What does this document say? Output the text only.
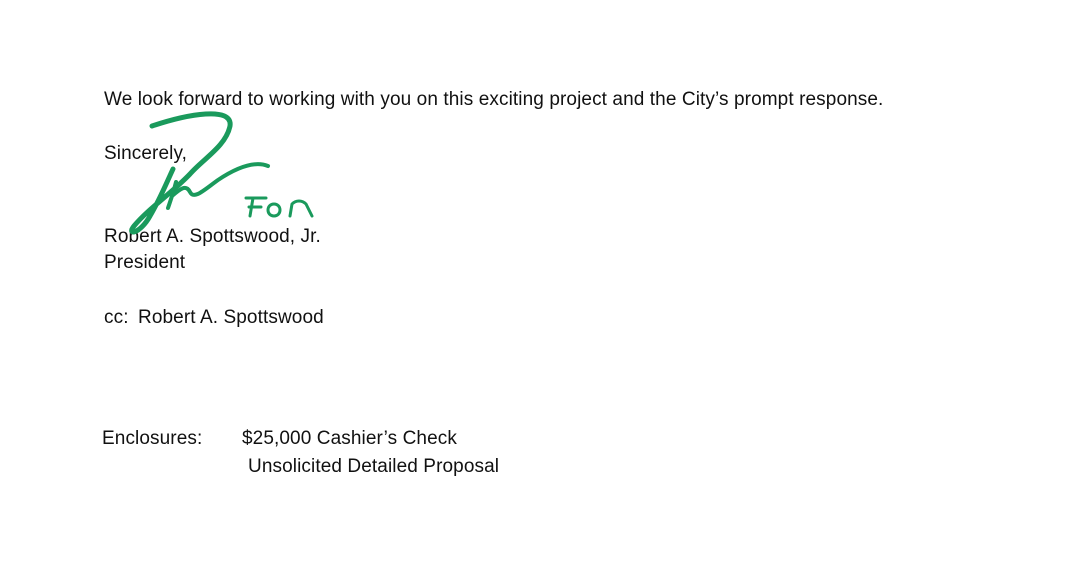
We look forward to working with you on this exciting project and the City’s prompt response.
Sincerely,
Robert A. Spottswood, Jr.
President
cc: Robert A. Spottswood
Enclosures: $25,000 Cashier’s Check
Unsolicited Detailed Proposal
